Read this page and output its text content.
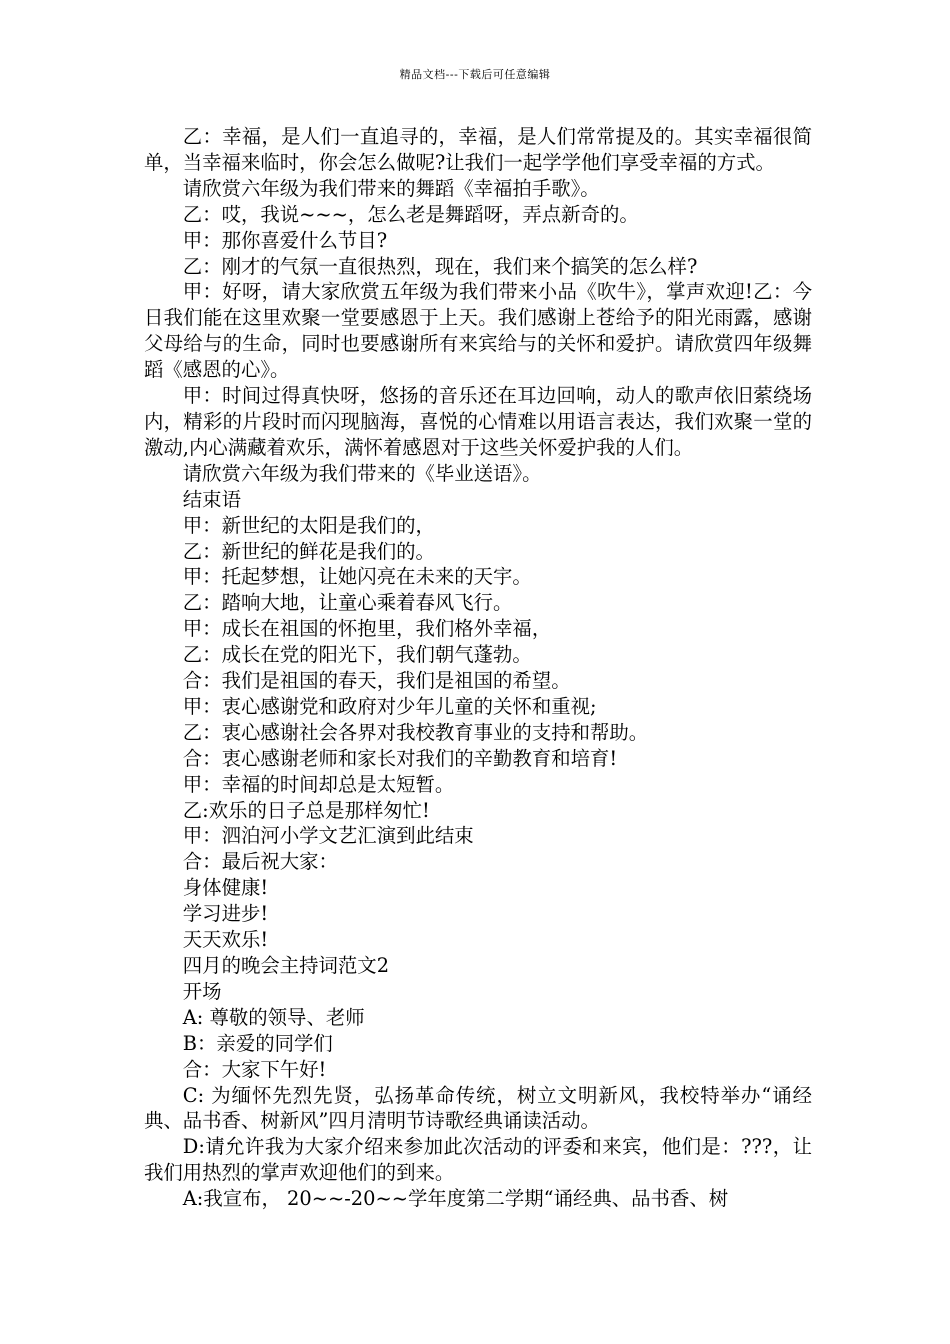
精品文档---下载后可任意编辑

乙：幸福，是人们一直追寻的，幸福，是人们常常提及的。其实幸福很简单，当幸福来临时，你会怎么做呢?让我们一起学学他们享受幸福的方式。

请欣赏六年级为我们带来的舞蹈《幸福拍手歌》。

乙：哎，我说~~~，怎么老是舞蹈呀，弄点新奇的。

甲：那你喜爱什么节目?

乙：刚才的气氛一直很热烈，现在，我们来个搞笑的怎么样?

甲：好呀，请大家欣赏五年级为我们带来小品《吹牛》，掌声欢迎!乙：今日我们能在这里欢聚一堂要感恩于上天。我们感谢上苍给予的阳光雨露，感谢父母给与的生命，同时也要感谢所有来宾给与的关怀和爱护。请欣赏四年级舞蹈《感恩的心》。

甲：时间过得真快呀，悠扬的音乐还在耳边回响，动人的歌声依旧萦绕场内，精彩的片段时而闪现脑海，喜悦的心情难以用语言表达，我们欢聚一堂的激动,内心满藏着欢乐，满怀着感恩对于这些关怀爱护我的人们。

请欣赏六年级为我们带来的《毕业送语》。

结束语

甲：新世纪的太阳是我们的，

乙：新世纪的鲜花是我们的。

甲：托起梦想，让她闪亮在未来的天宇。

乙：踏响大地，让童心乘着春风飞行。

甲：成长在祖国的怀抱里，我们格外幸福，

乙：成长在党的阳光下，我们朝气蓬勃。

合：我们是祖国的春天，我们是祖国的希望。

甲：衷心感谢党和政府对少年儿童的关怀和重视;

乙：衷心感谢社会各界对我校教育事业的支持和帮助。

合：衷心感谢老师和家长对我们的辛勤教育和培育!

甲：幸福的时间却总是太短暂。

乙:欢乐的日子总是那样匆忙!

甲：泗泊河小学文艺汇演到此结束

合：最后祝大家：

身体健康!

学习进步!

天天欢乐!

四月的晚会主持词范文2

开场

A: 尊敬的领导、老师

B：亲爱的同学们

合：大家下午好!

C: 为缅怀先烈先贤，弘扬革命传统，树立文明新风，我校特举办“诵经典、品书香、树新风”四月清明节诗歌经典诵读活动。

D:请允许我为大家介绍来参加此次活动的评委和来宾，他们是：???，让我们用热烈的掌声欢迎他们的到来。

A:我宣布， 20~~-20~~学年度第二学期“诵经典、品书香、树
